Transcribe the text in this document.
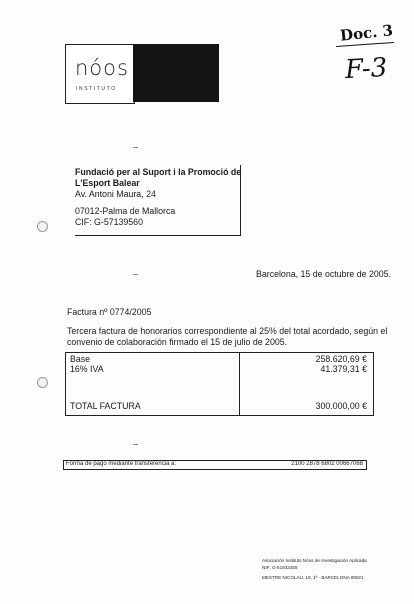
Doc. 3
F-3
nóos
INSTITUTO
Fundació per al Suport i la Promoció de
L'Esport Balear
Av. Antoni Maura, 24
07012-Palma de Mallorca
CIF: G-57139560
Barcelona, 15 de octubre de 2005.
Factura nº 0774/2005
Tercera factura de honorarios correspondiente al 25% del total acordado, según el
convenio de colaboración firmado el 15 de julio de 2005.
Base	258.620,69 €
16% IVA	41.379,31 €
TOTAL FACTURA	300.000,00 €
Forma de pago mediante transferencia a:	2100 2878 6802 00667068
Asociación Instituto Nóos de Investigación Aplicada
NIF: G-61932455
MESTRE NICOLAU, 19, 1ª · BARCELONA 08021
